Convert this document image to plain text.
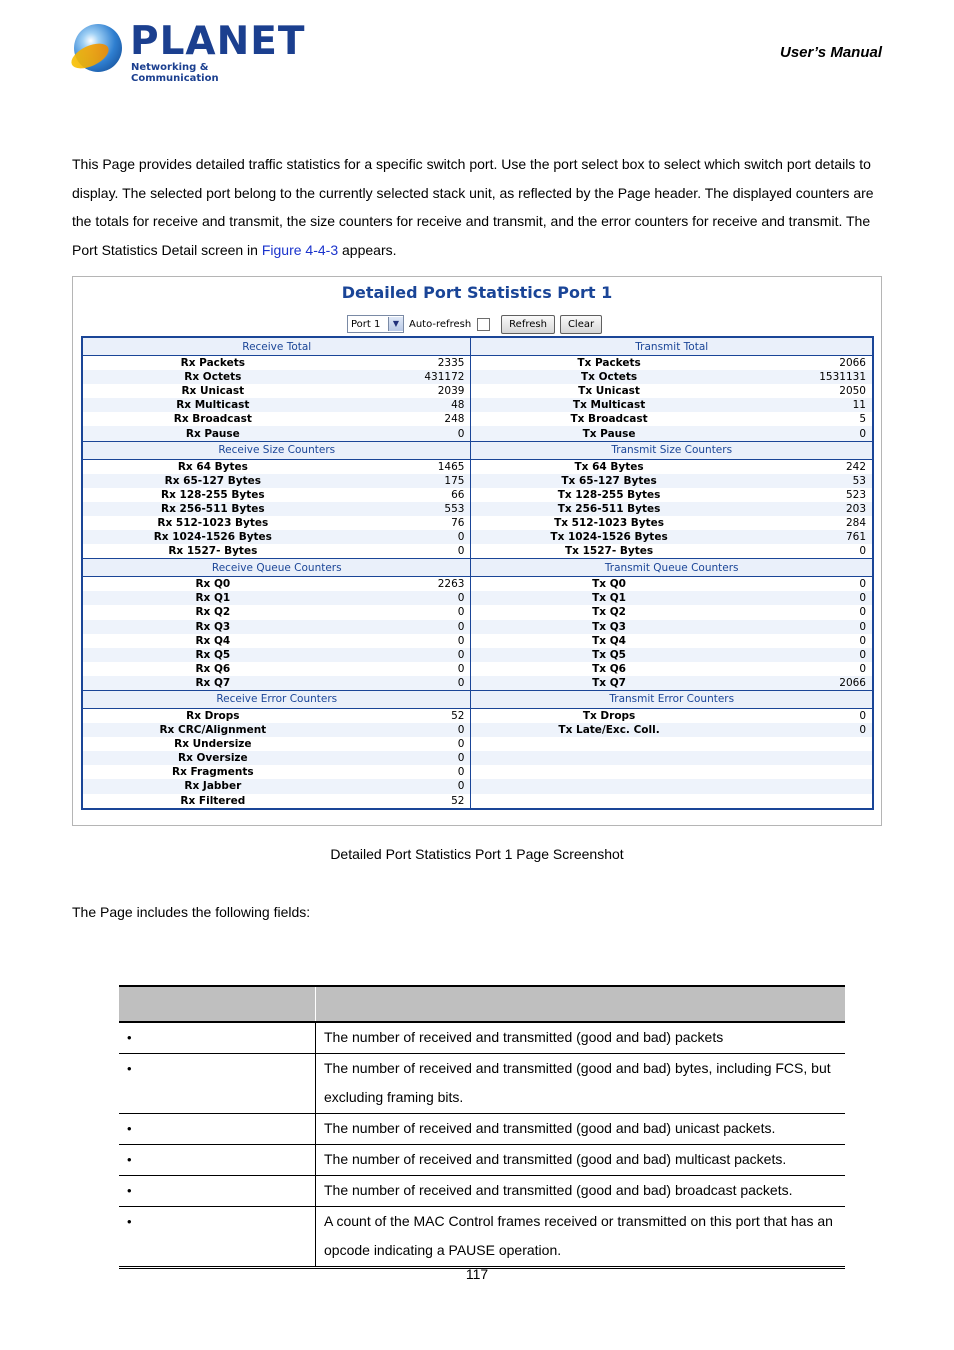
PLANET
Networking & Communication
User’s Manual
This Page provides detailed traffic statistics for a specific switch port. Use the port select box to select which switch port details to display. The selected port belong to the currently selected stack unit, as reflected by the Page header. The displayed counters are the totals for receive and transmit, the size counters for receive and transmit, and the error counters for receive and transmit. The Port Statistics Detail screen in Figure 4-4-3 appears.
Detailed Port Statistics Port 1
Port 1	▼ Auto-refresh	Refresh	Clear
Receive Total		Transmit Total	
Rx Packets	2335	Tx Packets	2066
Rx Octets	431172	Tx Octets	1531131
Rx Unicast	2039	Tx Unicast	2050
Rx Multicast	48	Tx Multicast	11
Rx Broadcast	248	Tx Broadcast	5
Rx Pause	0	Tx Pause	0
Receive Size Counters		Transmit Size Counters	
Rx 64 Bytes	1465	Tx 64 Bytes	242
Rx 65-127 Bytes	175	Tx 65-127 Bytes	53
Rx 128-255 Bytes	66	Tx 128-255 Bytes	523
Rx 256-511 Bytes	553	Tx 256-511 Bytes	203
Rx 512-1023 Bytes	76	Tx 512-1023 Bytes	284
Rx 1024-1526 Bytes	0	Tx 1024-1526 Bytes	761
Rx 1527- Bytes	0	Tx 1527- Bytes	0
Receive Queue Counters		Transmit Queue Counters	
Rx Q0	2263	Tx Q0	0
Rx Q1	0	Tx Q1	0
Rx Q2	0	Tx Q2	0
Rx Q3	0	Tx Q3	0
Rx Q4	0	Tx Q4	0
Rx Q5	0	Tx Q5	0
Rx Q6	0	Tx Q6	0
Rx Q7	0	Tx Q7	2066
Receive Error Counters		Transmit Error Counters	
Rx Drops	52	Tx Drops	0
Rx CRC/Alignment	0	Tx Late/Exc. Coll.	0
Rx Undersize	0		
Rx Oversize	0		
Rx Fragments	0		
Rx Jabber	0		
Rx Filtered	52		
Detailed Port Statistics Port 1 Page Screenshot
The Page includes the following fields:

•	The number of received and transmitted (good and bad) packets
•	The number of received and transmitted (good and bad) bytes, including FCS, but excluding framing bits.
•	The number of received and transmitted (good and bad) unicast packets.
•	The number of received and transmitted (good and bad) multicast packets.
•	The number of received and transmitted (good and bad) broadcast packets.
•	A count of the MAC Control frames received or transmitted on this port that has an opcode indicating a PAUSE operation.
117
